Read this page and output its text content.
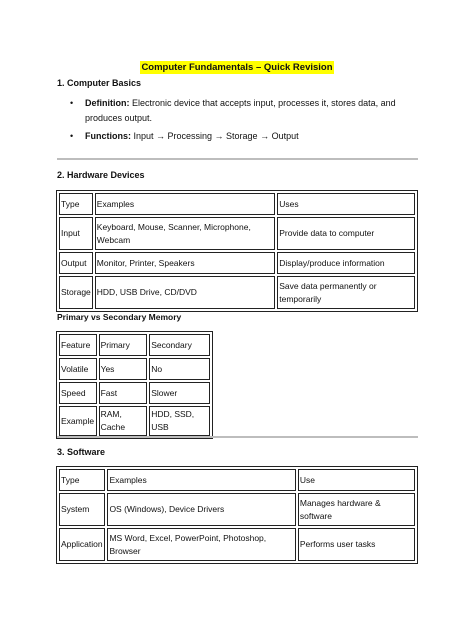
Computer Fundamentals – Quick Revision
1. Computer Basics
• Definition: Electronic device that accepts input, processes it, stores data, and produces output.
• Functions: Input → Processing → Storage → Output
2. Hardware Devices
Type	Examples	Uses
Input	Keyboard, Mouse, Scanner, Microphone, Webcam	Provide data to computer
Output	Monitor, Printer, Speakers	Display/produce information
Storage	HDD, USB Drive, CD/DVD	Save data permanently or temporarily
Primary vs Secondary Memory
Feature	Primary	Secondary
Volatile	Yes	No
Speed	Fast	Slower
Example	RAM, Cache	HDD, SSD, USB
3. Software
Type	Examples	Use
System	OS (Windows), Device Drivers	Manages hardware & software
Application	MS Word, Excel, PowerPoint, Photoshop, Browser	Performs user tasks
